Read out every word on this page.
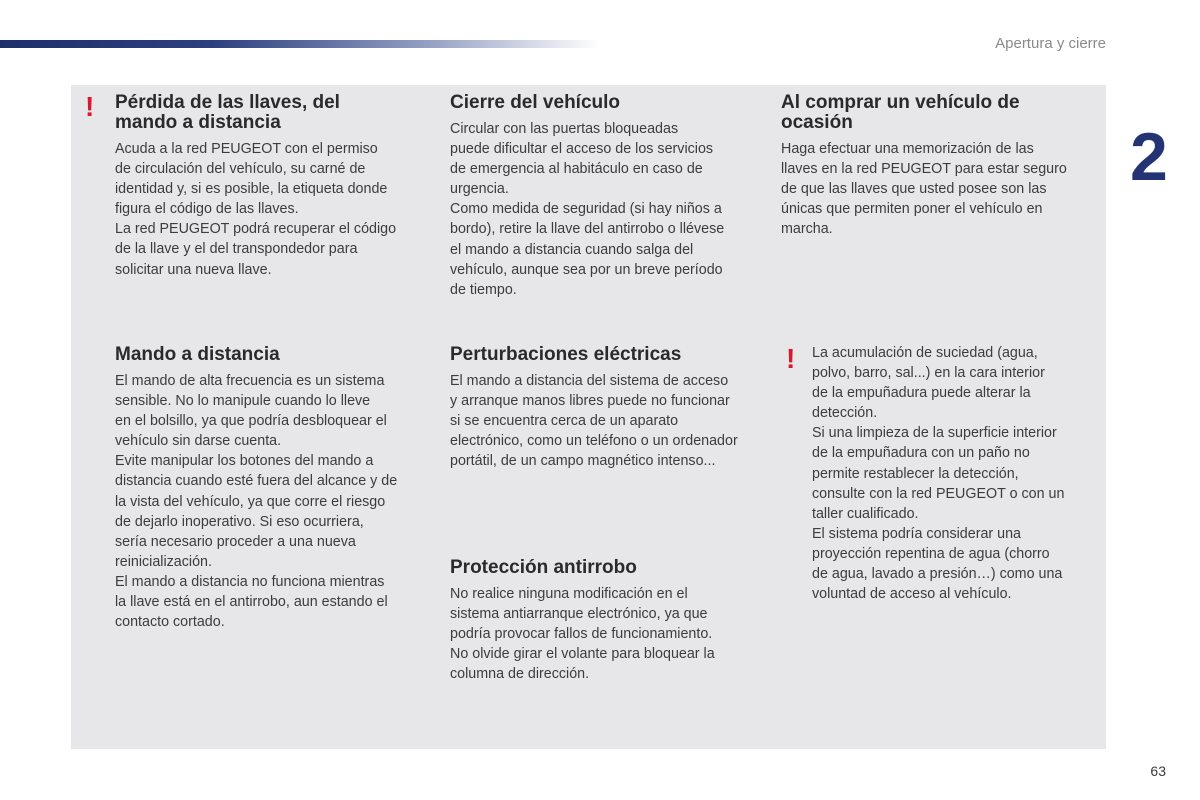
Apertura y cierre
2
! Pérdida de las llaves, del
mando a distancia

Acuda a la red PEUGEOT con el permiso
de circulación del vehículo, su carné de
identidad y, si es posible, la etiqueta donde
figura el código de las llaves.
La red PEUGEOT podrá recuperar el código
de la llave y el del transpondedor para
solicitar una nueva llave.

Mando a distancia

El mando de alta frecuencia es un sistema
sensible. No lo manipule cuando lo lleve
en el bolsillo, ya que podría desbloquear el
vehículo sin darse cuenta.
Evite manipular los botones del mando a
distancia cuando esté fuera del alcance y de
la vista del vehículo, ya que corre el riesgo
de dejarlo inoperativo. Si eso ocurriera,
sería necesario proceder a una nueva
reinicialización.
El mando a distancia no funciona mientras
la llave está en el antirrobo, aun estando el
contacto cortado.

Cierre del vehículo

Circular con las puertas bloqueadas
puede dificultar el acceso de los servicios
de emergencia al habitáculo en caso de
urgencia.
Como medida de seguridad (si hay niños a
bordo), retire la llave del antirrobo o llévese
el mando a distancia cuando salga del
vehículo, aunque sea por un breve período
de tiempo.

Perturbaciones eléctricas

El mando a distancia del sistema de acceso
y arranque manos libres puede no funcionar
si se encuentra cerca de un aparato
electrónico, como un teléfono o un ordenador
portátil, de un campo magnético intenso...

Protección antirrobo

No realice ninguna modificación en el
sistema antiarranque electrónico, ya que
podría provocar fallos de funcionamiento.
No olvide girar el volante para bloquear la
columna de dirección.

Al comprar un vehículo de
ocasión

Haga efectuar una memorización de las
llaves en la red PEUGEOT para estar seguro
de que las llaves que usted posee son las
únicas que permiten poner el vehículo en
marcha.

! La acumulación de suciedad (agua,
polvo, barro, sal...) en la cara interior
de la empuñadura puede alterar la
detección.
Si una limpieza de la superficie interior
de la empuñadura con un paño no
permite restablecer la detección,
consulte con la red PEUGEOT o con un
taller cualificado.
El sistema podría considerar una
proyección repentina de agua (chorro
de agua, lavado a presión…) como una
voluntad de acceso al vehículo.

63
